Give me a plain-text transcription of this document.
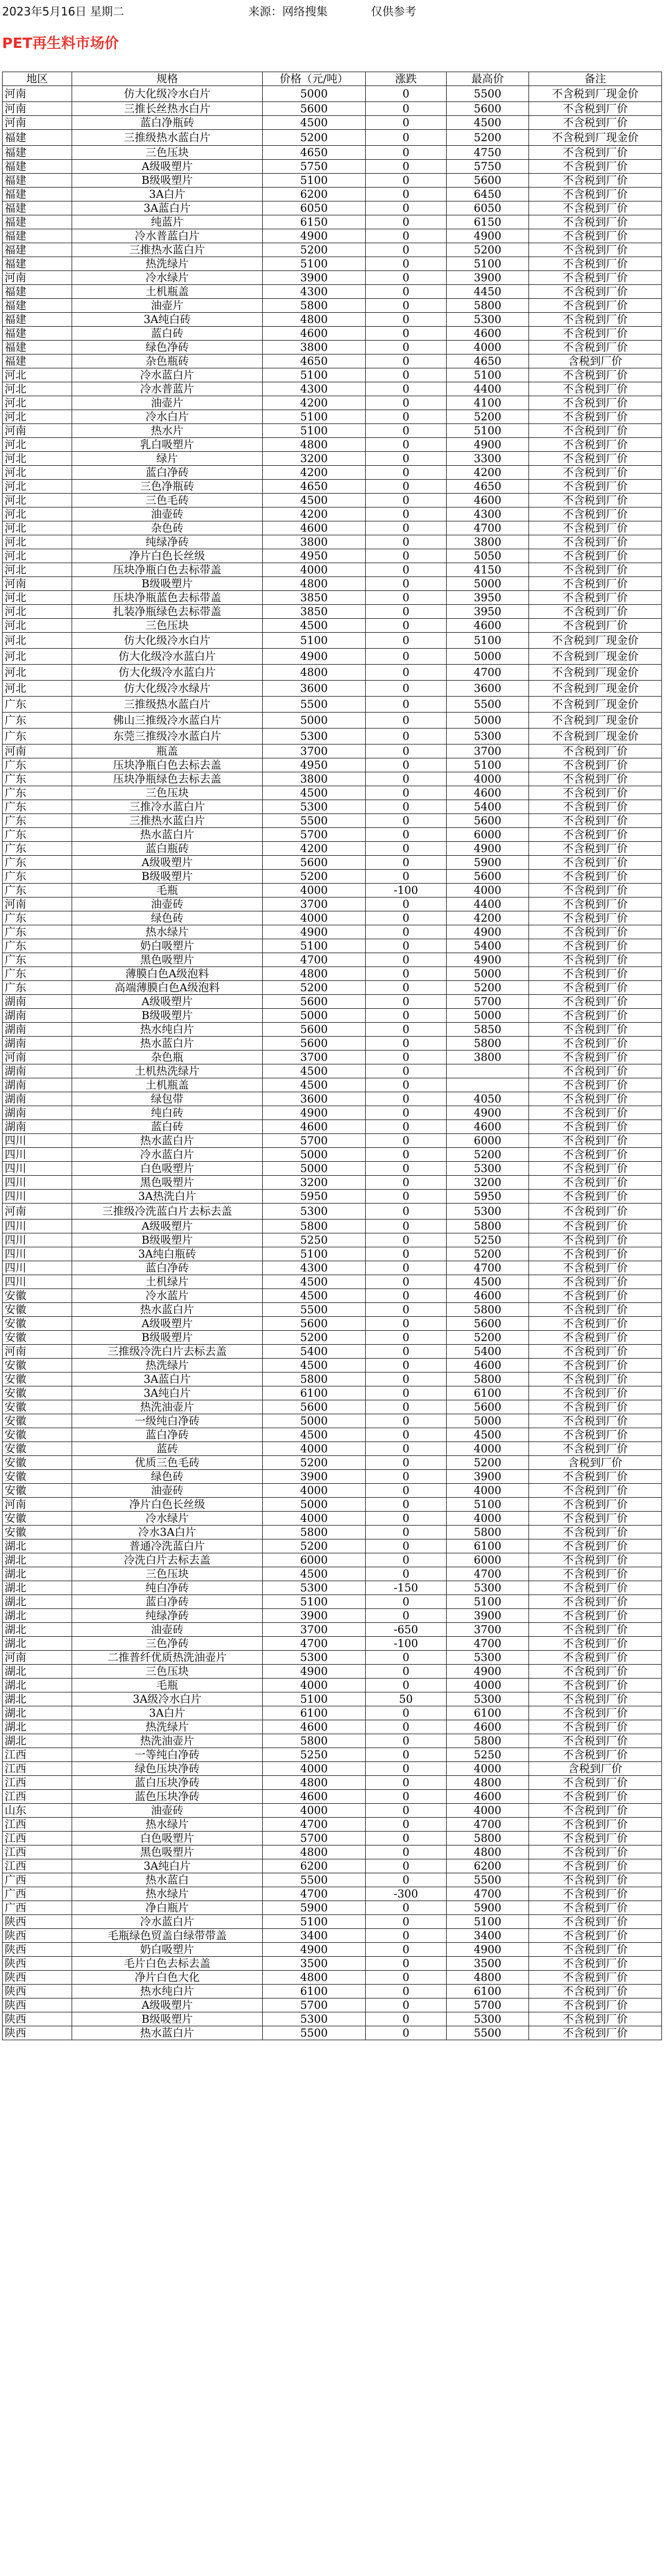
2023年5月16日 星期二	来源：网络搜集	仅供参考
PET再生料市场价
地区	规格	价格（元/吨）	涨跌	最高价	备注
河南	仿大化级冷水白片	5000	0	5500	不含税到厂现金价
河南	三推长丝热水白片	5600	0	5600	不含税到厂价
河南	蓝白净瓶砖	4500	0	4500	不含税到厂价
福建	三推级热水蓝白片	5200	0	5200	不含税到厂现金价
福建	三色压块	4650	0	4750	不含税到厂价
福建	A级吸塑片	5750	0	5750	不含税到厂价
福建	B级吸塑片	5100	0	5600	不含税到厂价
福建	3A白片	6200	0	6450	不含税到厂价
福建	3A蓝白片	6050	0	6050	不含税到厂价
福建	纯蓝片	6150	0	6150	不含税到厂价
福建	冷水普蓝白片	4900	0	4900	不含税到厂价
福建	三推热水蓝白片	5200	0	5200	不含税到厂价
福建	热洗绿片	5100	0	5100	不含税到厂价
河南	冷水绿片	3900	0	3900	不含税到厂价
福建	土机瓶盖	4300	0	4450	不含税到厂价
福建	油壶片	5800	0	5800	不含税到厂价
福建	3A纯白砖	4800	0	5300	不含税到厂价
福建	蓝白砖	4600	0	4600	不含税到厂价
福建	绿色净砖	3800	0	4000	不含税到厂价
福建	杂色瓶砖	4650	0	4650	含税到厂价
河北	冷水蓝白片	5100	0	5100	不含税到厂价
河北	冷水普蓝片	4300	0	4400	不含税到厂价
河北	油壶片	4200	0	4100	不含税到厂价
河北	冷水白片	5100	0	5200	不含税到厂价
河南	热水片	5100	0	5100	不含税到厂价
河北	乳白吸塑片	4800	0	4900	不含税到厂价
河北	绿片	3200	0	3300	不含税到厂价
河北	蓝白净砖	4200	0	4200	不含税到厂价
河北	三色净瓶砖	4650	0	4650	不含税到厂价
河北	三色毛砖	4500	0	4600	不含税到厂价
河北	油壶砖	4200	0	4300	不含税到厂价
河北	杂色砖	4600	0	4700	不含税到厂价
河北	纯绿净砖	3800	0	3800	不含税到厂价
河北	净片白色长丝级	4950	0	5050	不含税到厂价
河北	压块净瓶白色去标带盖	4000	0	4150	不含税到厂价
河南	B级吸塑片	4800	0	5000	不含税到厂价
河北	压块净瓶蓝色去标带盖	3850	0	3950	不含税到厂价
河北	扎装净瓶绿色去标带盖	3850	0	3950	不含税到厂价
河北	三色压块	4500	0	4600	不含税到厂价
河北	仿大化级冷水白片	5100	0	5100	不含税到厂现金价
河北	仿大化级冷水蓝白片	4900	0	5000	不含税到厂现金价
河北	仿大化级冷水蓝白片	4800	0	4700	不含税到厂现金价
河北	仿大化级冷水绿片	3600	0	3600	不含税到厂现金价
广东	三推级热水蓝白片	5500	0	5500	不含税到厂现金价
广东	佛山三推级冷水蓝白片	5000	0	5000	不含税到厂现金价
广东	东莞三推级冷水蓝白片	5300	0	5300	不含税到厂现金价
河南	瓶盖	3700	0	3700	不含税到厂价
广东	压块净瓶白色去标去盖	4950	0	5100	不含税到厂价
广东	压块净瓶绿色去标去盖	3800	0	4000	不含税到厂价
广东	三色压块	4500	0	4600	不含税到厂价
广东	三推冷水蓝白片	5300	0	5400	不含税到厂价
广东	三推热水蓝白片	5500	0	5600	不含税到厂价
广东	热水蓝白片	5700	0	6000	不含税到厂价
广东	蓝白瓶砖	4200	0	4900	不含税到厂价
广东	A级吸塑片	5600	0	5900	不含税到厂价
广东	B级吸塑片	5200	0	5600	不含税到厂价
广东	毛瓶	4000	-100	4000	不含税到厂价
河南	油壶砖	3700	0	4400	不含税到厂价
广东	绿色砖	4000	0	4200	不含税到厂价
广东	热水绿片	4900	0	4900	不含税到厂价
广东	奶白吸塑片	5100	0	5400	不含税到厂价
广东	黑色吸塑片	4700	0	4900	不含税到厂价
广东	薄膜白色A级泡料	4800	0	5000	不含税到厂价
广东	高端薄膜白色A级泡料	5200	0	5200	不含税到厂价
湖南	A级吸塑片	5600	0	5700	不含税到厂价
湖南	B级吸塑片	5000	0	5000	不含税到厂价
湖南	热水纯白片	5600	0	5850	不含税到厂价
湖南	热水蓝白片	5600	0	5800	不含税到厂价
河南	杂色瓶	3700	0	3800	不含税到厂价
湖南	土机热洗绿片	4500	0		不含税到厂价
湖南	土机瓶盖	4500	0		不含税到厂价
湖南	绿包带	3600	0	4050	不含税到厂价
湖南	纯白砖	4900	0	4900	不含税到厂价
湖南	蓝白砖	4600	0	4600	不含税到厂价
四川	热水蓝白片	5700	0	6000	不含税到厂价
四川	冷水蓝白片	5000	0	5200	不含税到厂价
四川	白色吸塑片	5000	0	5300	不含税到厂价
四川	黑色吸塑片	3200	0	3200	不含税到厂价
四川	3A热洗白片	5950	0	5950	不含税到厂价
河南	三推级冷洗蓝白片去标去盖	5300	0	5300	不含税到厂价
四川	A级吸塑片	5800	0	5800	不含税到厂价
四川	B级吸塑片	5250	0	5250	不含税到厂价
四川	3A纯白瓶砖	5100	0	5200	不含税到厂价
四川	蓝白净砖	4300	0	4700	不含税到厂价
四川	土机绿片	4500	0	4500	不含税到厂价
安徽	冷水蓝片	4500	0	4600	不含税到厂价
安徽	热水蓝白片	5500	0	5800	不含税到厂价
安徽	A级吸塑片	5600	0	5600	不含税到厂价
安徽	B级吸塑片	5200	0	5200	不含税到厂价
河南	三推级冷洗白片去标去盖	5400	0	5400	不含税到厂价
安徽	热洗绿片	4500	0	4600	不含税到厂价
安徽	3A蓝白片	5800	0	5800	不含税到厂价
安徽	3A纯白片	6100	0	6100	不含税到厂价
安徽	热洗油壶片	5600	0	5600	不含税到厂价
安徽	一级纯白净砖	5000	0	5000	不含税到厂价
安徽	蓝白净砖	4500	0	4500	不含税到厂价
安徽	蓝砖	4000	0	4000	不含税到厂价
安徽	优质三色毛砖	5200	0	5200	含税到厂价
安徽	绿色砖	3900	0	3900	不含税到厂价
安徽	油壶砖	4000	0	4000	不含税到厂价
河南	净片白色长丝级	5000	0	5100	不含税到厂价
安徽	冷水绿片	4000	0	4000	不含税到厂价
安徽	冷水3A白片	5800	0	5800	不含税到厂价
湖北	普通冷洗蓝白片	5200	0	6100	不含税到厂价
湖北	冷洗白片去标去盖	6000	0	6000	不含税到厂价
湖北	三色压块	4500	0	4700	不含税到厂价
湖北	纯白净砖	5300	-150	5300	不含税到厂价
湖北	蓝白净砖	5100	0	5100	不含税到厂价
湖北	纯绿净砖	3900	0	3900	不含税到厂价
湖北	油壶砖	3700	-650	3700	不含税到厂价
湖北	三色净砖	4700	-100	4700	不含税到厂价
河南	二推普纤优质热洗油壶片	5300	0	5300	不含税到厂价
湖北	三色压块	4900	0	4900	不含税到厂价
湖北	毛瓶	4000	0	4000	不含税到厂价
湖北	3A级冷水白片	5100	50	5300	不含税到厂价
湖北	3A白片	6100	0	6100	不含税到厂价
湖北	热洗绿片	4600	0	4600	不含税到厂价
湖北	热洗油壶片	5800	0	5800	不含税到厂价
江西	一等纯白净砖	5250	0	5250	不含税到厂价
江西	绿色压块净砖	4000	0	4000	含税到厂价
江西	蓝白压块净砖	4800	0	4800	不含税到厂价
江西	蓝色压块净砖	4600	0	4600	不含税到厂价
山东	油壶砖	4000	0	4000	不含税到厂价
江西	热水绿片	4700	0	4700	不含税到厂价
江西	白色吸塑片	5700	0	5800	不含税到厂价
江西	黑色吸塑片	4800	0	4800	不含税到厂价
江西	3A纯白片	6200	0	6200	不含税到厂价
广西	热水蓝白	5500	0	5500	不含税到厂价
广西	热水绿片	4700	-300	4700	不含税到厂价
广西	净白瓶片	5900	0	5900	不含税到厂价
陕西	冷水蓝白片	5100	0	5100	不含税到厂价
陕西	毛瓶绿色贸盖白绿带带盖	3400	0	3400	不含税到厂价
陕西	奶白吸塑片	4900	0	4900	不含税到厂价
陕西	毛片白色去标去盖	3500	0	3500	不含税到厂价
陕西	净片白色大化	4800	0	4800	不含税到厂价
陕西	热水纯白片	6100	0	6100	不含税到厂价
陕西	A级吸塑片	5700	0	5700	不含税到厂价
陕西	B级吸塑片	5300	0	5300	不含税到厂价
陕西	热水蓝白片	5500	0	5500	不含税到厂价
